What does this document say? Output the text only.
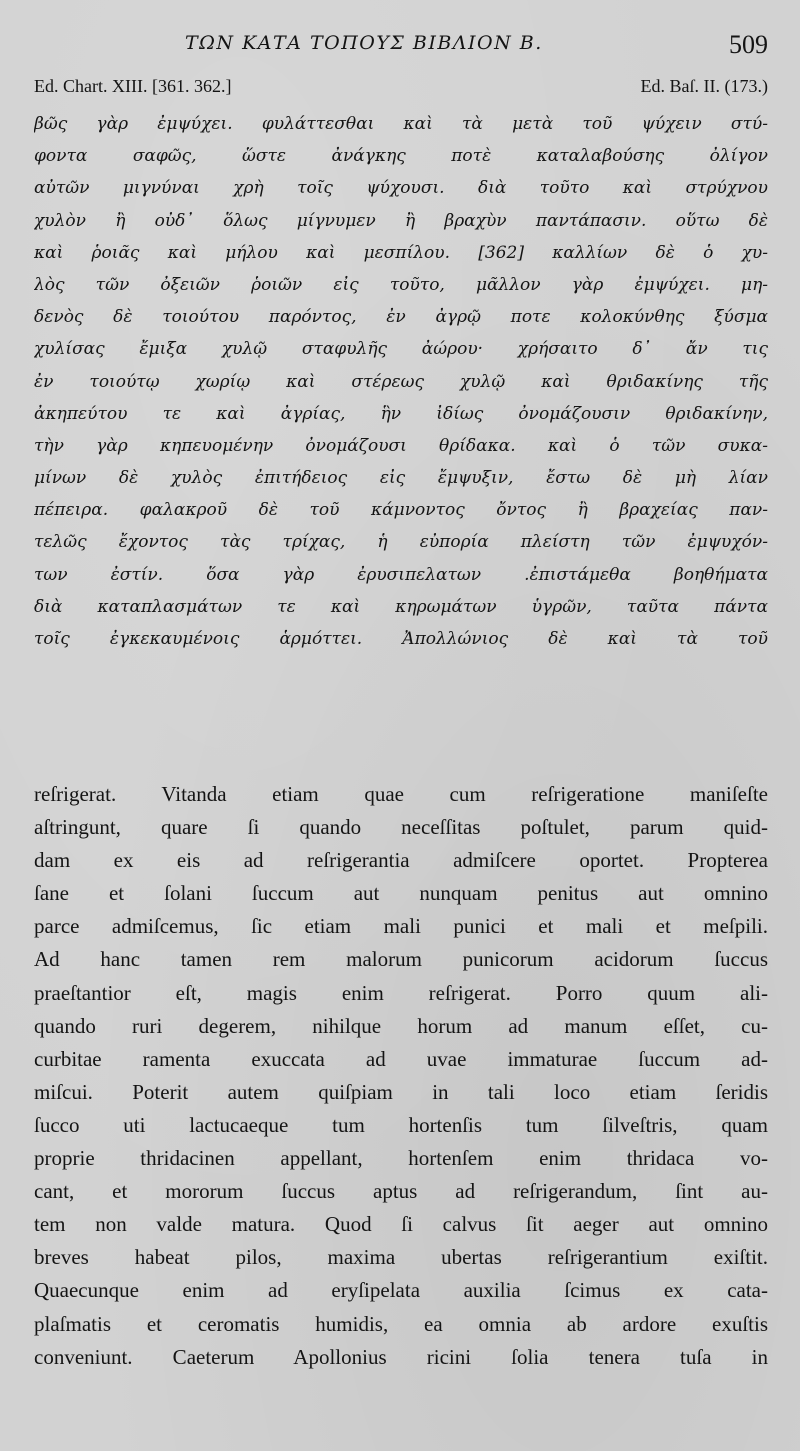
ΤΩΝ ΚΑΤΑ ΤΟΠΟΥΣ ΒΙΒΛΙΟΝ Β.	509
Ed. Chart. XIII. [361. 362.]	Ed. Baſ. II. (173.)
βῶς γὰρ ἐμψύχει. φυλάττεσθαι καὶ τὰ μετὰ τοῦ ψύχειν στύ-
φοντα σαφῶς, ὥστε ἀνάγκης ποτὲ καταλαβούσης ὀλίγον
αὐτῶν μιγνύναι χρὴ τοῖς ψύχουσι. διὰ τοῦτο καὶ στρύχνου
χυλὸν ἢ οὐδ᾽ ὅλως μίγνυμεν ἢ βραχὺν παντάπασιν. οὕτω δὲ
καὶ ῥοιᾶς καὶ μήλου καὶ μεσπίλου. [362] καλλίων δὲ ὁ χυ-
λὸς τῶν ὀξειῶν ῥοιῶν εἰς τοῦτο, μᾶλλον γὰρ ἐμψύχει. μη-
δενὸς δὲ τοιούτου παρόντος, ἐν ἀγρῷ ποτε κολοκύνθης ξύσμα
χυλίσας ἔμιξα χυλῷ σταφυλῆς ἀώρου· χρήσαιτο δ᾽ ἄν τις
ἐν τοιούτῳ χωρίῳ καὶ στέρεως χυλῷ καὶ θριδακίνης τῆς
ἀκηπεύτου τε καὶ ἀγρίας, ἣν ἰδίως ὀνομάζουσιν θριδακίνην,
τὴν γὰρ κηπευομένην ὀνομάζουσι θρίδακα. καὶ ὁ τῶν συκα-
μίνων δὲ χυλὸς ἐπιτήδειος εἰς ἔμψυξιν, ἔστω δὲ μὴ λίαν
πέπειρα. φαλακροῦ δὲ τοῦ κάμνοντος ὄντος ἢ βραχείας παν-
τελῶς ἔχοντος τὰς τρίχας, ἡ εὐπορία πλείστη τῶν ἐμψυχόν-
των ἐστίν. ὅσα γὰρ ἐρυσιπελατων .ἐπιστάμεθα βοηθήματα
διὰ καταπλασμάτων τε καὶ κηρωμάτων ὑγρῶν, ταῦτα πάντα
τοῖς ἐγκεκαυμένοις ἁρμόττει. Ἀπολλώνιος δὲ καὶ τὰ τοῦ
reſrigerat. Vitanda etiam quae cum reſrigeratione maniſeſte
aſtringunt, quare ſi quando neceſſitas poſtulet, parum quid-
dam ex eis ad reſrigerantia admiſcere oportet. Propterea
ſane et ſolani ſuccum aut nunquam penitus aut omnino
parce admiſcemus, ſic etiam mali punici et mali et meſpili.
Ad hanc tamen rem malorum punicorum acidorum ſuccus
praeſtantior eſt, magis enim reſrigerat. Porro quum ali-
quando ruri degerem, nihilque horum ad manum eſſet, cu-
curbitae ramenta exuccata ad uvae immaturae ſuccum ad-
miſcui. Poterit autem quiſpiam in tali loco etiam ſeridis
ſucco uti lactucaeque tum hortenſis tum ſilveſtris, quam
proprie thridacinen appellant, hortenſem enim thridaca vo-
cant, et mororum ſuccus aptus ad reſrigerandum, ſint au-
tem non valde matura. Quod ſi calvus ſit aeger aut omnino
breves habeat pilos, maxima ubertas reſrigerantium exiſtit.
Quaecunque enim ad eryſipelata auxilia ſcimus ex cata-
plaſmatis et ceromatis humidis, ea omnia ab ardore exuſtis
conveniunt. Caeterum Apollonius ricini ſolia tenera tuſa in
